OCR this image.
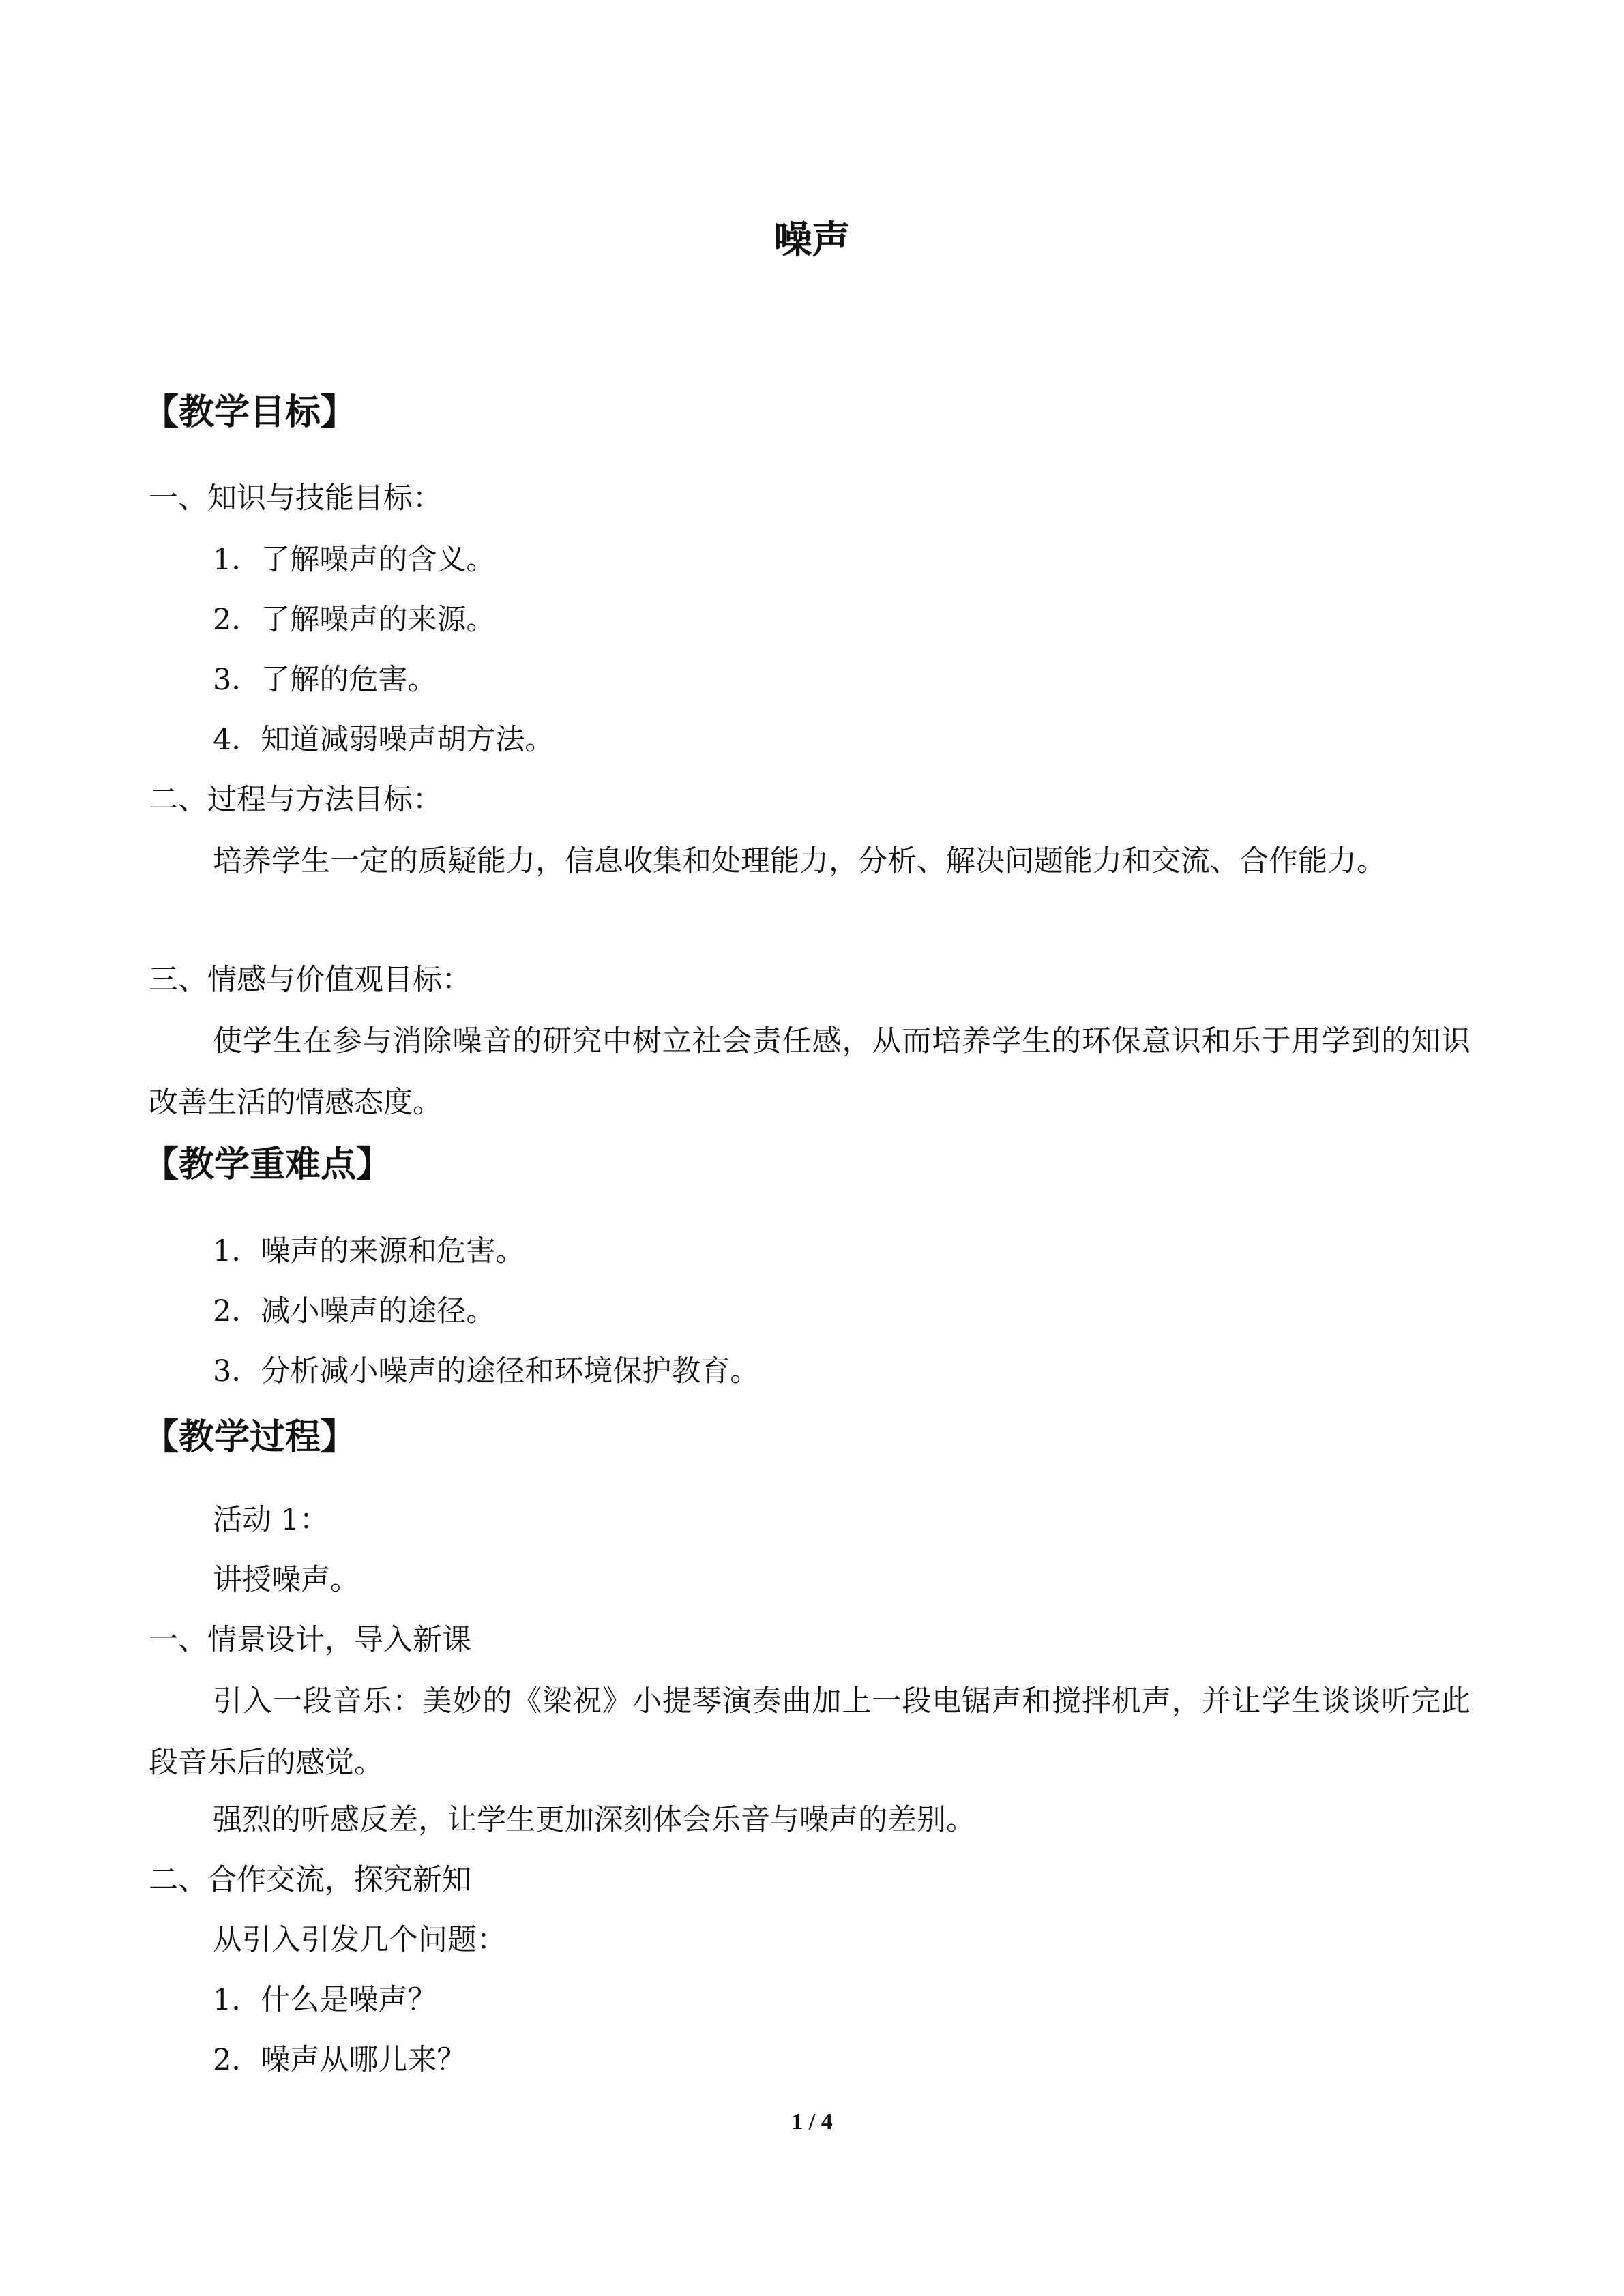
噪声
【教学目标】
一、知识与技能目标：
1．了解噪声的含义。
2．了解噪声的来源。
3．了解的危害。
4．知道减弱噪声胡方法。
二、过程与方法目标：
培养学生一定的质疑能力，信息收集和处理能力，分析、解决问题能力和交流、合作能力。
三、情感与价值观目标：
使学生在参与消除噪音的研究中树立社会责任感，从而培养学生的环保意识和乐于用学到的知识改善生活的情感态度。
【教学重难点】
1．噪声的来源和危害。
2．减小噪声的途径。
3．分析减小噪声的途径和环境保护教育。
【教学过程】
活动 1：
讲授噪声。
一、情景设计，导入新课
引入一段音乐：美妙的《梁祝》小提琴演奏曲加上一段电锯声和搅拌机声，并让学生谈谈听完此段音乐后的感觉。
强烈的听感反差，让学生更加深刻体会乐音与噪声的差别。
二、合作交流，探究新知
从引入引发几个问题：
1．什么是噪声？
2．噪声从哪儿来？
1 / 4
